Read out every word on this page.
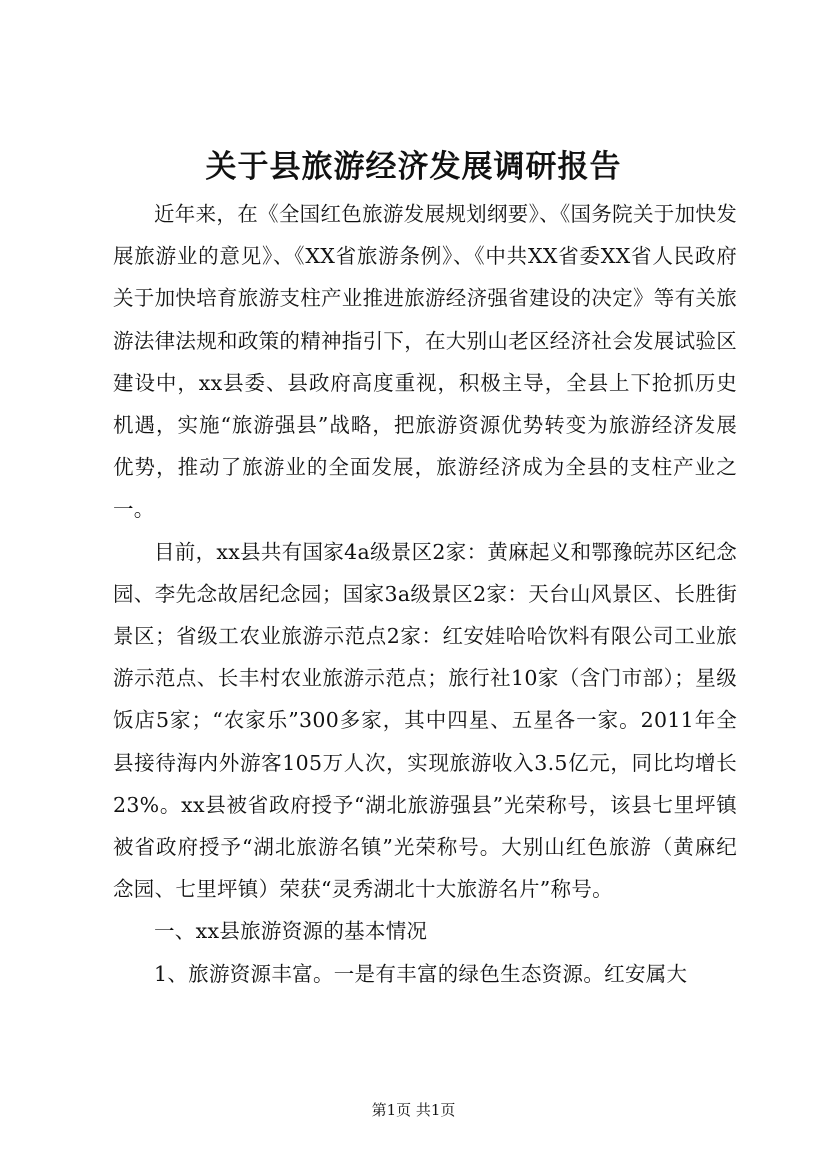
关于县旅游经济发展调研报告

近年来，在《全国红色旅游发展规划纲要》、《国务院关于加快发展旅游业的意见》、《XX省旅游条例》、《中共XX省委XX省人民政府关于加快培育旅游支柱产业推进旅游经济强省建设的决定》等有关旅游法律法规和政策的精神指引下，在大别山老区经济社会发展试验区建设中，xx县委、县政府高度重视，积极主导，全县上下抢抓历史机遇，实施“旅游强县”战略，把旅游资源优势转变为旅游经济发展优势，推动了旅游业的全面发展，旅游经济成为全县的支柱产业之一。

目前，xx县共有国家4a级景区2家：黄麻起义和鄂豫皖苏区纪念园、李先念故居纪念园；国家3a级景区2家：天台山风景区、长胜街景区；省级工农业旅游示范点2家：红安娃哈哈饮料有限公司工业旅游示范点、长丰村农业旅游示范点；旅行社10家（含门市部）；星级饭店5家；“农家乐”300多家，其中四星、五星各一家。2011年全县接待海内外游客105万人次，实现旅游收入3.5亿元，同比均增长23%。xx县被省政府授予“湖北旅游强县”光荣称号，该县七里坪镇被省政府授予“湖北旅游名镇”光荣称号。大别山红色旅游（黄麻纪念园、七里坪镇）荣获“灵秀湖北十大旅游名片”称号。

一、xx县旅游资源的基本情况

1、旅游资源丰富。一是有丰富的绿色生态资源。红安属大

第1页 共1页
